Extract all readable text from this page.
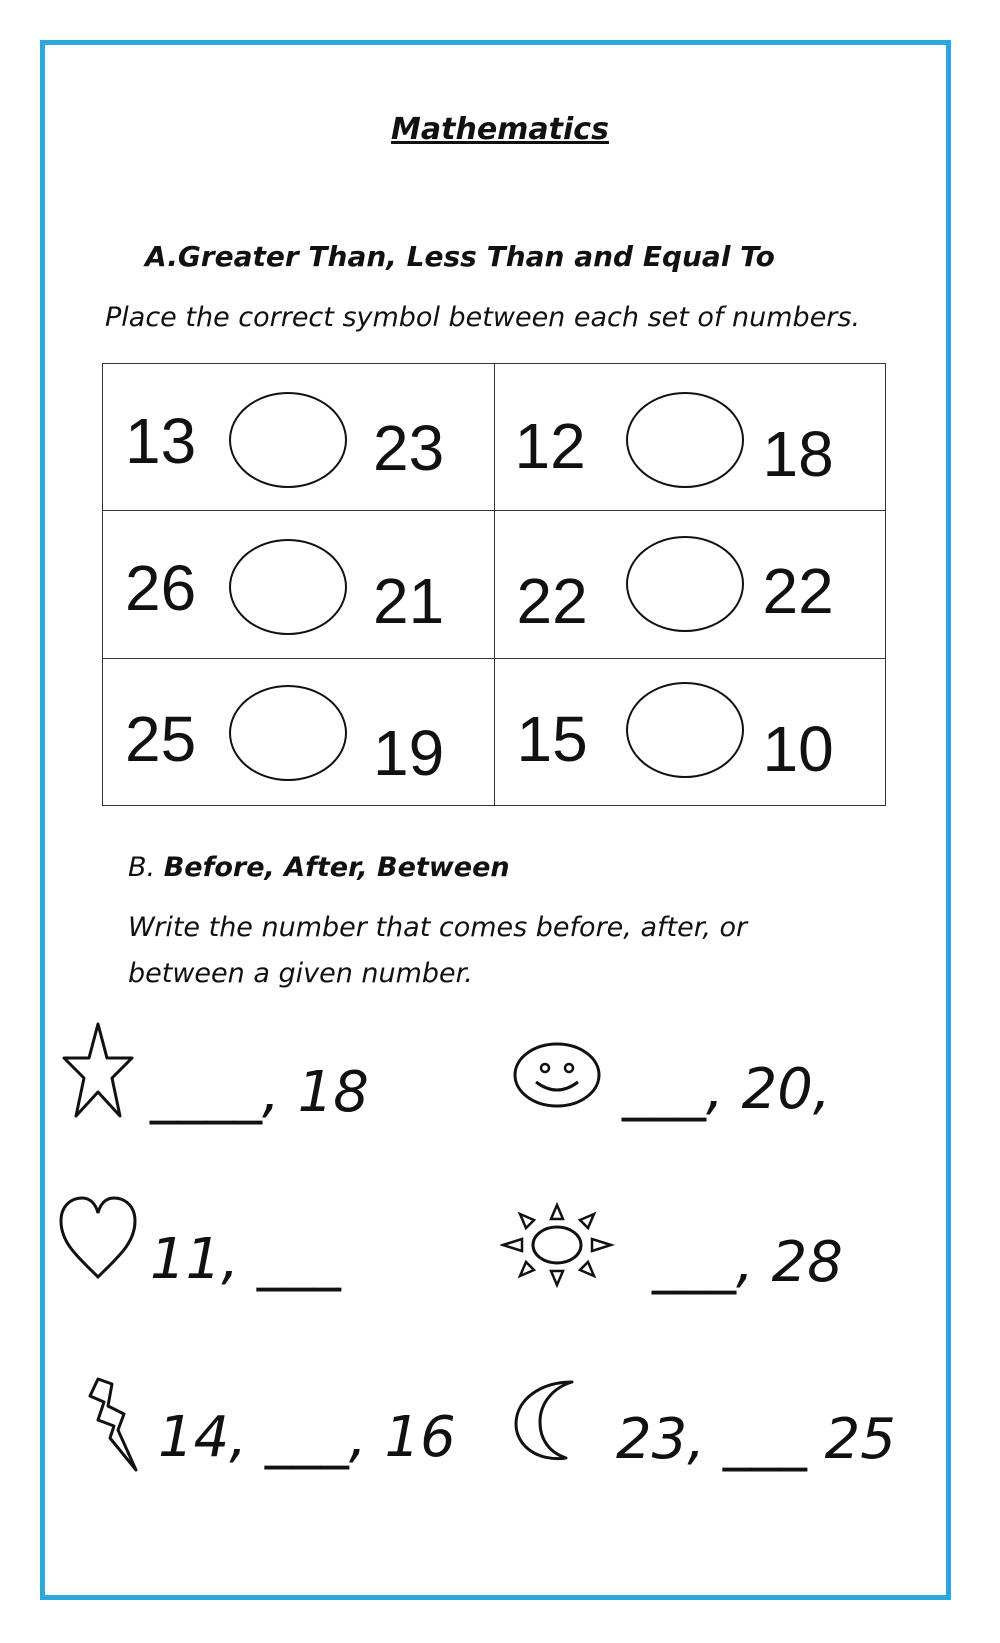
Mathematics
A.Greater Than, Less Than and Equal To
Place the correct symbol between each set of numbers.
13 23	12 18

26 21	22 22

25 19	15 10
B. Before, After, Between
Write the number that comes before, after, or
between a given number.
____, 18	___, 20,
11, ___	___, 28
14, ___, 16	23, ___ 25
